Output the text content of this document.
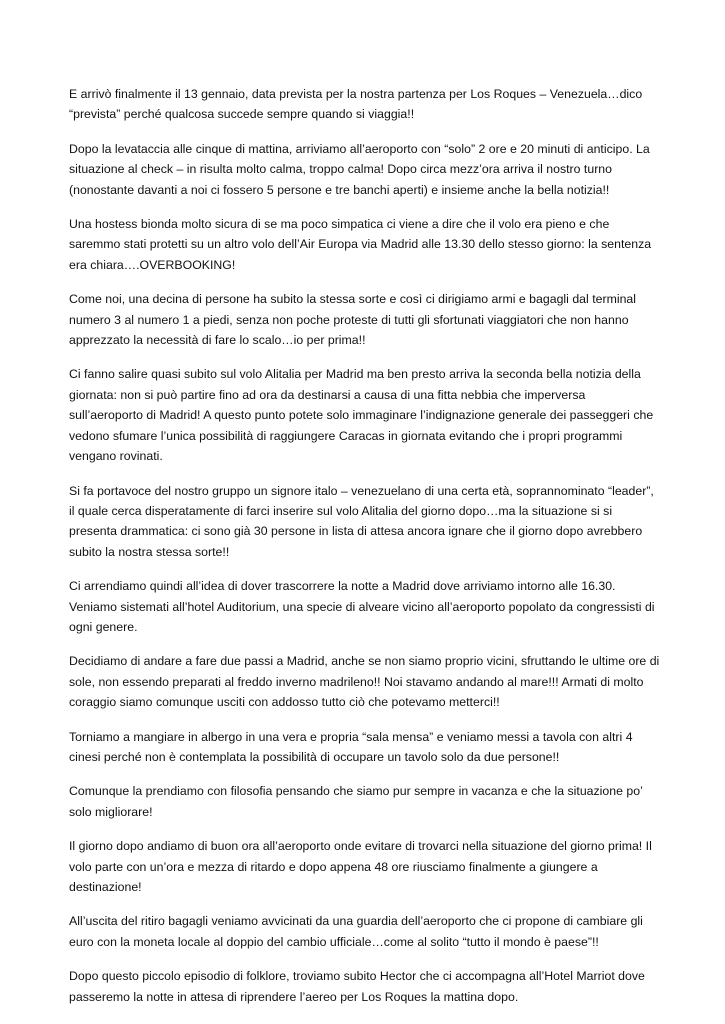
E arrivò finalmente il 13 gennaio, data prevista per la nostra partenza per Los Roques – Venezuela…dico “prevista” perché qualcosa succede sempre quando si viaggia!!

Dopo la levataccia alle cinque di mattina, arriviamo all’aeroporto con “solo” 2 ore e 20 minuti di anticipo. La situazione al check – in risulta molto calma, troppo calma! Dopo circa mezz’ora arriva il nostro turno (nonostante davanti a noi ci fossero 5 persone e tre banchi aperti) e insieme anche la bella notizia!!

Una hostess bionda molto sicura di se ma poco simpatica ci viene a dire che il volo era pieno e che saremmo stati protetti su un altro volo dell’Air Europa via Madrid alle 13.30 dello stesso giorno: la sentenza era chiara….OVERBOOKING!

Come noi, una decina di persone ha subito la stessa sorte e così ci dirigiamo armi e bagagli dal terminal numero 3 al numero 1 a piedi, senza non poche proteste di tutti gli sfortunati viaggiatori che non hanno apprezzato la necessità di fare lo scalo…io per prima!!

Ci fanno salire quasi subito sul volo Alitalia per Madrid ma ben presto arriva la seconda bella notizia della giornata: non si può partire fino ad ora da destinarsi a causa di una fitta nebbia che imperversa sull’aeroporto di Madrid! A questo punto potete solo immaginare l’indignazione generale dei passeggeri che vedono sfumare l’unica possibilità di raggiungere Caracas in giornata evitando che i propri programmi vengano rovinati.

Si fa portavoce del nostro gruppo un signore italo – venezuelano di una certa età, soprannominato “leader”, il quale cerca disperatamente di farci inserire sul volo Alitalia del giorno dopo…ma la situazione si si presenta drammatica: ci sono già 30 persone in lista di attesa ancora ignare che il giorno dopo avrebbero subito la nostra stessa sorte!!

Ci arrendiamo quindi all’idea di dover trascorrere la notte a Madrid dove arriviamo intorno alle 16.30. Veniamo sistemati all’hotel Auditorium, una specie di alveare vicino all’aeroporto popolato da congressisti di ogni genere.

Decidiamo di andare a fare due passi a Madrid, anche se non siamo proprio vicini, sfruttando le ultime ore di sole, non essendo preparati al freddo inverno madrileno!! Noi stavamo andando al mare!!! Armati di molto coraggio siamo comunque usciti con addosso tutto ciò che potevamo metterci!!

Torniamo a mangiare in albergo in una vera e propria “sala mensa” e veniamo messi a tavola con altri 4 cinesi perché non è contemplata la possibilità di occupare un tavolo solo da due persone!!

Comunque la prendiamo con filosofia pensando che siamo pur sempre in vacanza e che la situazione po’ solo migliorare!

Il giorno dopo andiamo di buon ora all’aeroporto onde evitare di trovarci nella situazione del giorno prima! Il volo parte con un’ora e mezza di ritardo e dopo appena 48 ore riusciamo finalmente a giungere a destinazione!

All’uscita del ritiro bagagli veniamo avvicinati da una guardia dell’aeroporto che ci propone di cambiare gli euro con la moneta locale al doppio del cambio ufficiale…come al solito “tutto il mondo è paese”!!

Dopo questo piccolo episodio di folklore, troviamo subito Hector che ci accompagna all’Hotel Marriot dove passeremo la notte in attesa di riprendere l’aereo per Los Roques la mattina dopo.
